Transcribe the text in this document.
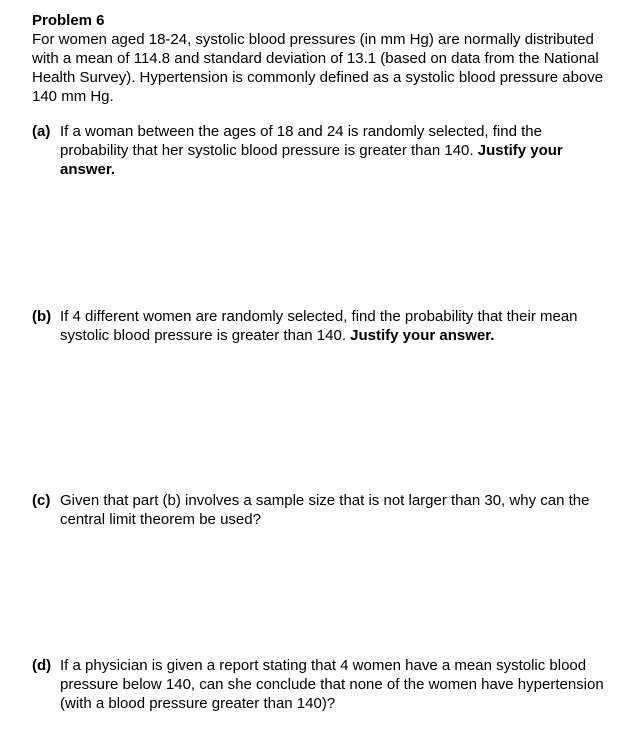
Problem 6
For women aged 18-24, systolic blood pressures (in mm Hg) are normally distributed with a mean of 114.8 and standard deviation of 13.1 (based on data from the National Health Survey). Hypertension is commonly defined as a systolic blood pressure above 140 mm Hg.
(a) If a woman between the ages of 18 and 24 is randomly selected, find the probability that her systolic blood pressure is greater than 140. Justify your answer.
(b) If 4 different women are randomly selected, find the probability that their mean systolic blood pressure is greater than 140. Justify your answer.
(c) Given that part (b) involves a sample size that is not larger than 30, why can the central limit theorem be used?
(d) If a physician is given a report stating that 4 women have a mean systolic blood pressure below 140, can she conclude that none of the women have hypertension (with a blood pressure greater than 140)?
